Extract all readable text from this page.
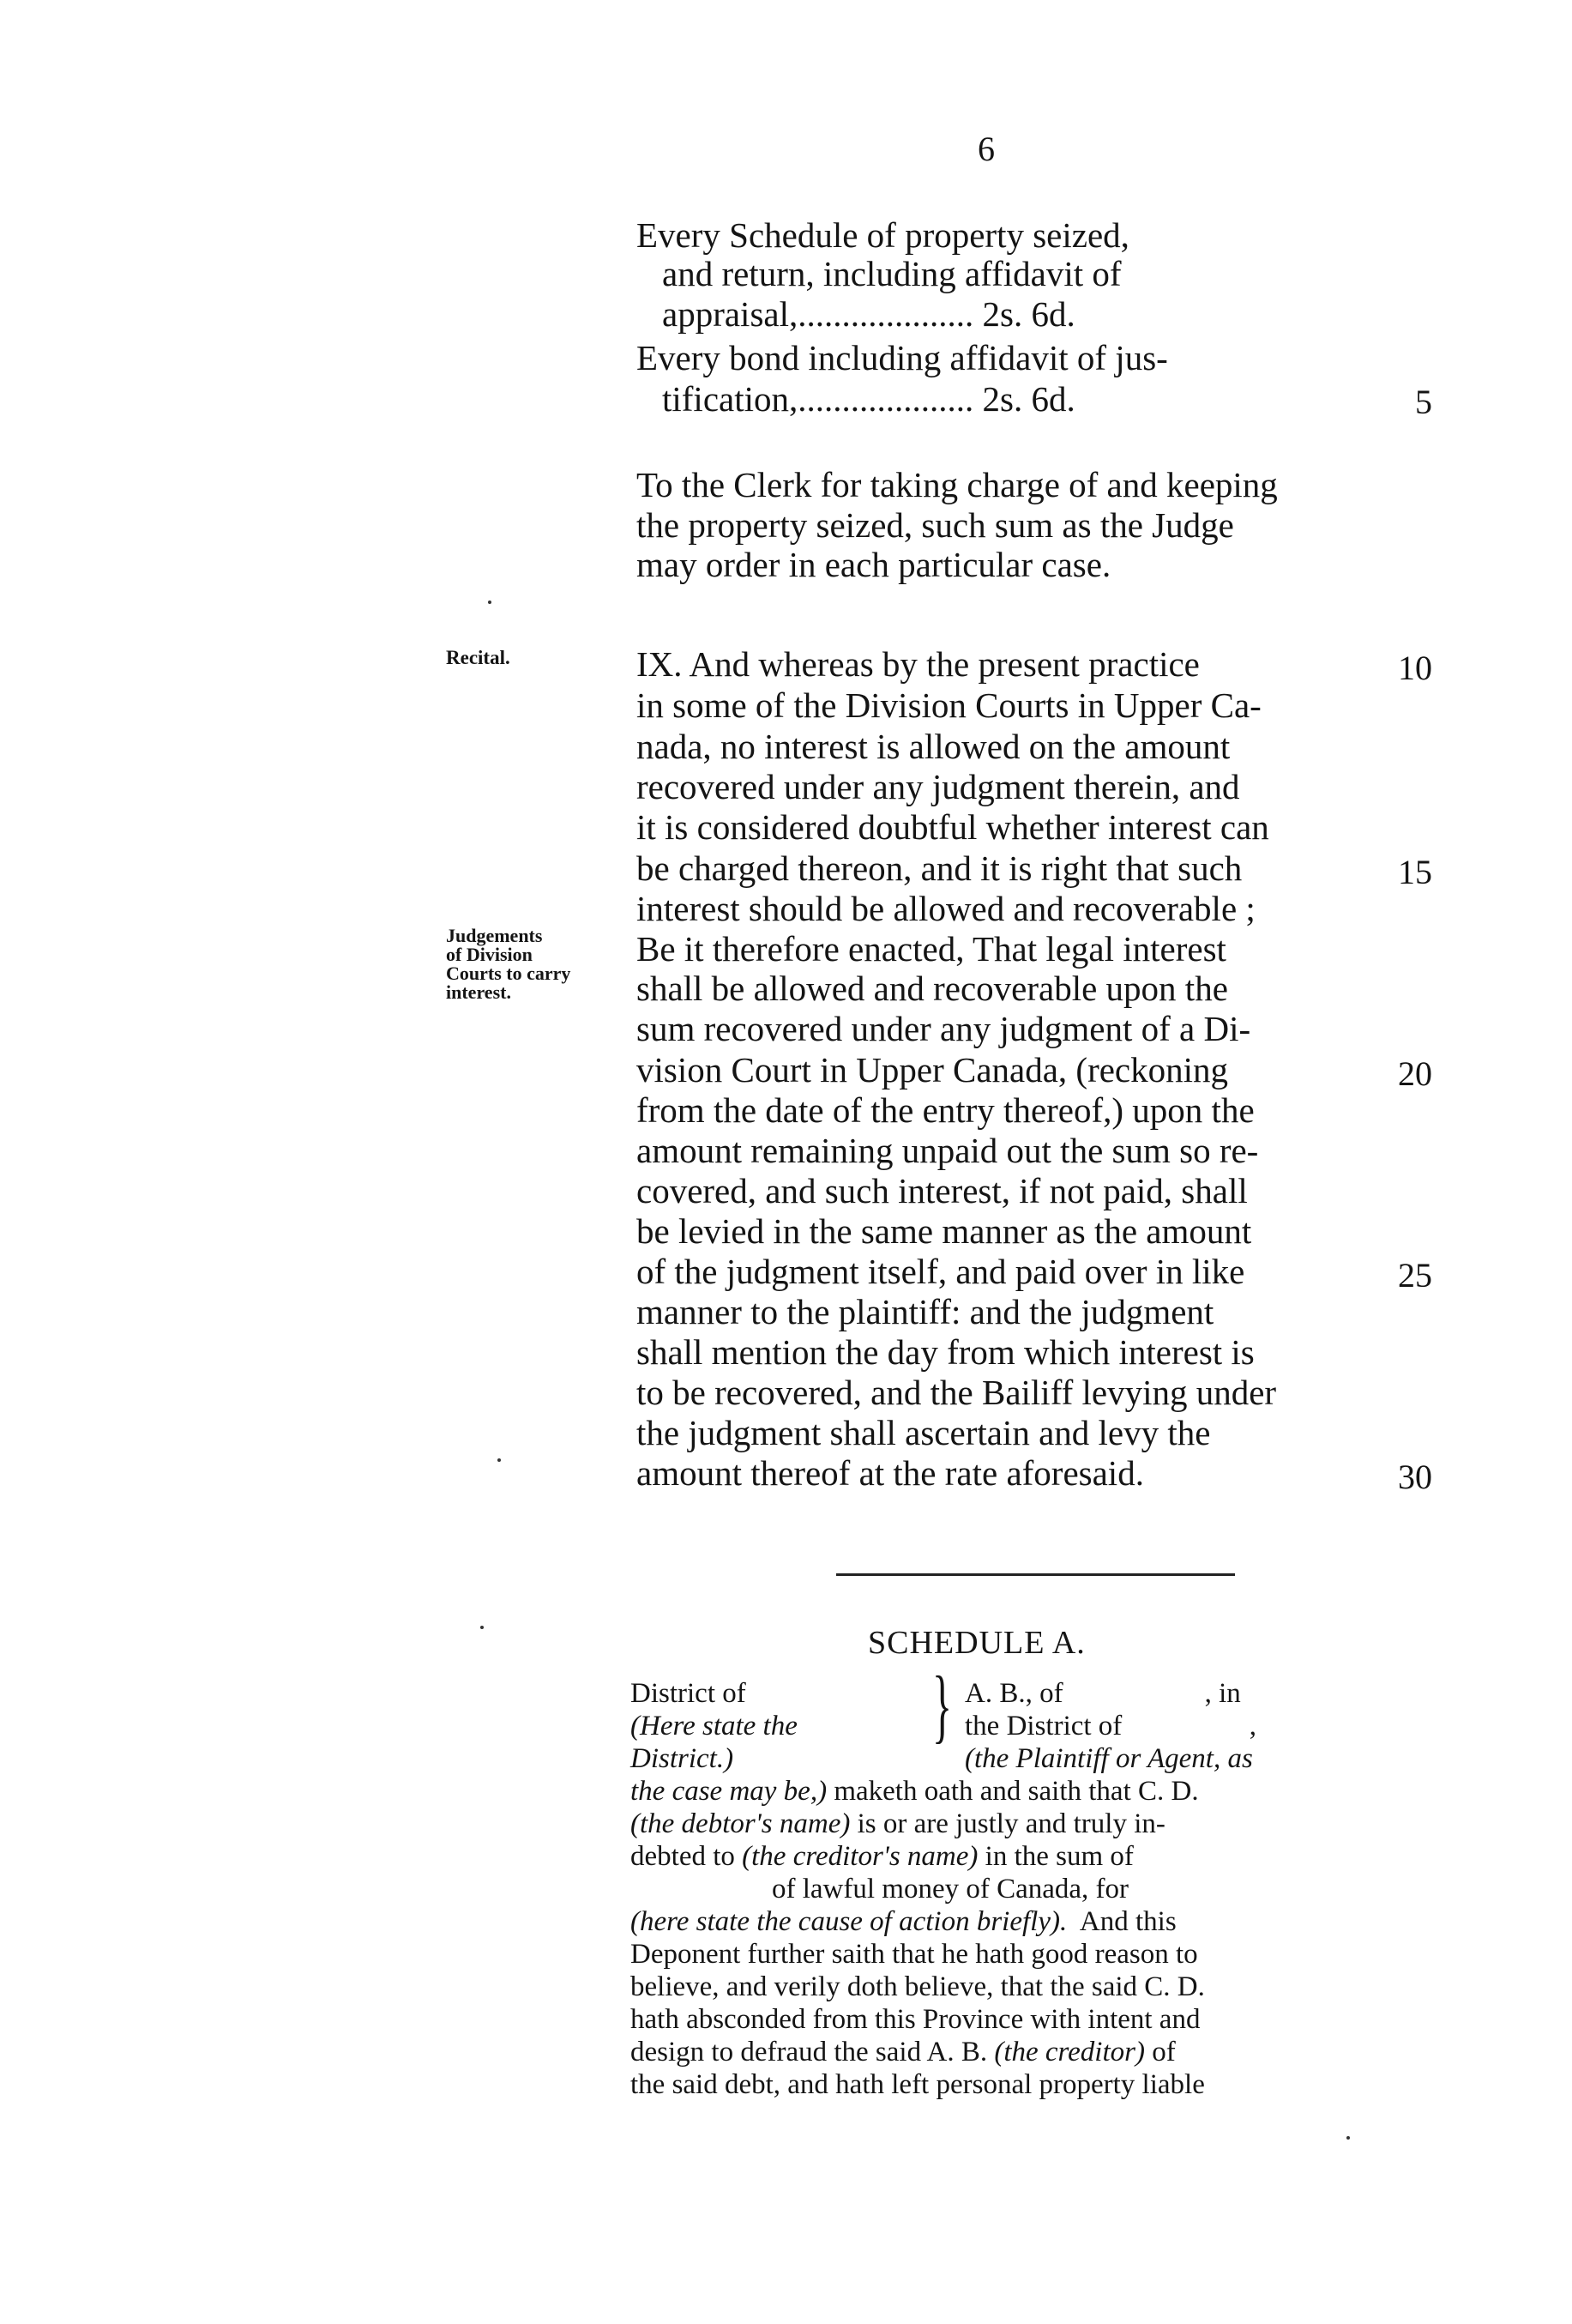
6
Every Schedule of property seized,
and return, including affidavit of
appraisal,.................... 2s. 6d.
Every bond including affidavit of jus-
tification,.................... 2s. 6d.	5
To the Clerk for taking charge of and keeping
the property seized, such sum as the Judge
may order in each particular case.
Recital.
Judgements
of Division
Courts to carry
interest.
IX. And whereas by the present practice
in some of the Division Courts in Upper Ca-
nada, no interest is allowed on the amount
recovered under any judgment therein, and
it is considered doubtful whether interest can
be charged thereon, and it is right that such
interest should be allowed and recoverable ;
Be it therefore enacted, That legal interest
shall be allowed and recoverable upon the
sum recovered under any judgment of a Di-
vision Court in Upper Canada, (reckoning
from the date of the entry thereof,) upon the
amount remaining unpaid out the sum so re-
covered, and such interest, if not paid, shall
be levied in the same manner as the amount
of the judgment itself, and paid over in like
manner to the plaintiff: and the judgment
shall mention the day from which interest is
to be recovered, and the Bailiff levying under
the judgment shall ascertain and levy the
amount thereof at the rate aforesaid.
10
15
20
25
30
SCHEDULE A.
District of
(Here state the
District.)
} A. B., of                    , in
the District of                  ,
(the Plaintiff or Agent, as
the case may be,) maketh oath and saith that C. D.
(the debtor's name) is or are justly and truly in-
debted to (the creditor's name) in the sum of
of lawful money of Canada, for
(here state the cause of action briefly).  And this
Deponent further saith that he hath good reason to
believe, and verily doth believe, that the said C. D.
hath absconded from this Province with intent and
design to defraud the said A. B. (the creditor) of
the said debt, and hath left personal property liable
